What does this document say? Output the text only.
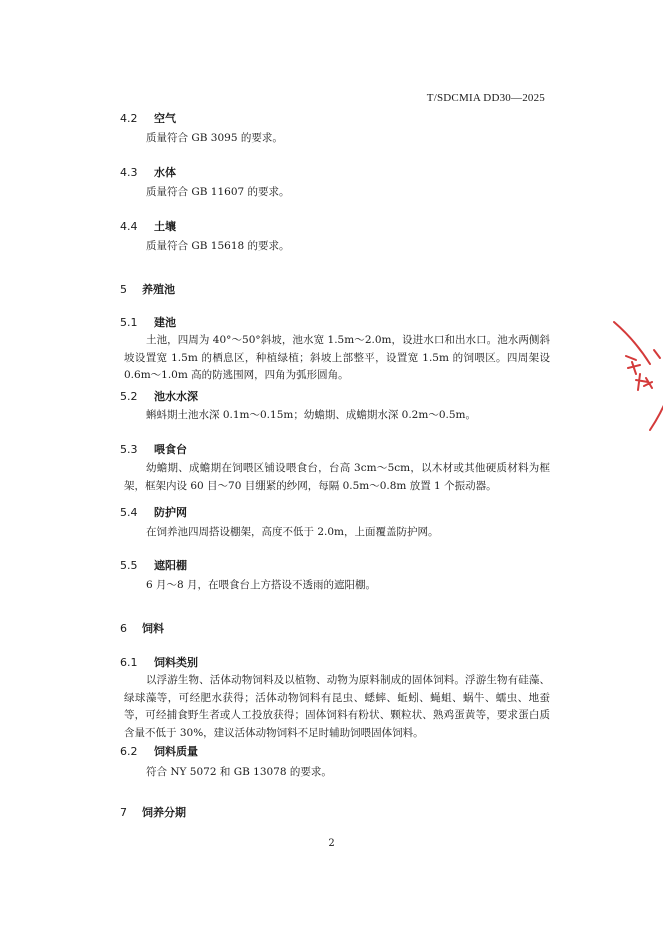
T/SDCMIA DD30—2025
4.2 空气
质量符合 GB 3095 的要求。
4.3 水体
质量符合 GB 11607 的要求。
4.4 土壤
质量符合 GB 15618 的要求。
5 养殖池
5.1 建池
土池，四周为 40°～50°斜坡，池水宽 1.5m～2.0m，设进水口和出水口。池水两侧斜坡设置宽 1.5m 的栖息区，种植绿植；斜坡上部整平，设置宽 1.5m 的饲喂区。四周架设 0.6m～1.0m 高的防逃围网，四角为弧形圆角。
5.2 池水水深
蝌蚪期土池水深 0.1m～0.15m；幼蟾期、成蟾期水深 0.2m～0.5m。
5.3 喂食台
幼蟾期、成蟾期在饲喂区铺设喂食台，台高 3cm～5cm，以木材或其他硬质材料为框架，框架内设 60 目～70 目绷紧的纱网，每隔 0.5m～0.8m 放置 1 个振动器。
5.4 防护网
在饲养池四周搭设棚架，高度不低于 2.0m，上面覆盖防护网。
5.5 遮阳棚
6 月～8 月，在喂食台上方搭设不透雨的遮阳棚。
6 饲料
6.1 饲料类别
以浮游生物、活体动物饲料及以植物、动物为原料制成的固体饲料。浮游生物有硅藻、绿球藻等，可经肥水获得；活体动物饲料有昆虫、蟋蟀、蚯蚓、蝇蛆、蜗牛、蠕虫、地蚕等，可经捕食野生者或人工投放获得；固体饲料有粉状、颗粒状、熟鸡蛋黄等，要求蛋白质含量不低于 30%，建议活体动物饲料不足时辅助饲喂固体饲料。
6.2 饲料质量
符合 NY 5072 和 GB 13078 的要求。
7 饲养分期
2
